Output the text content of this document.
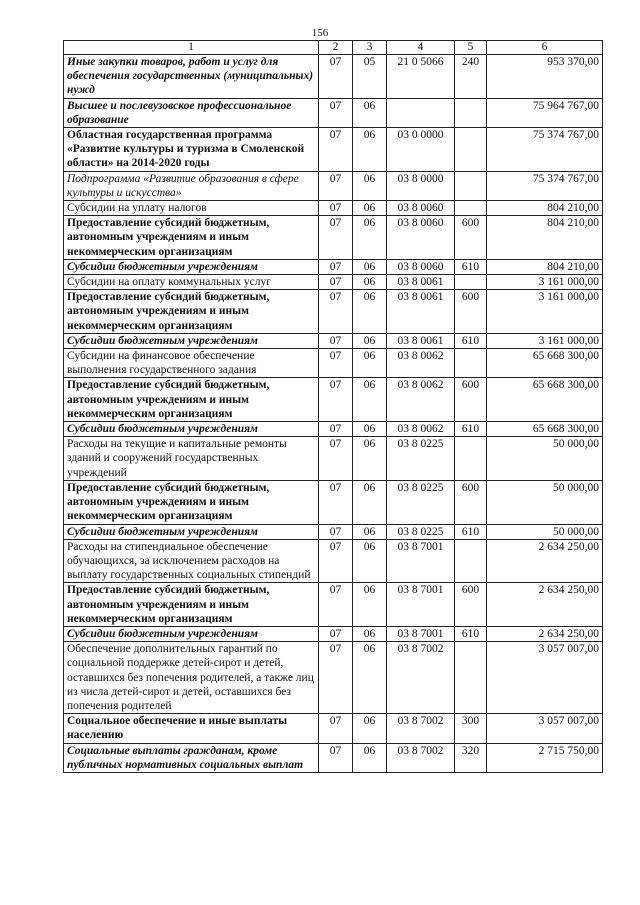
156
1	2	3	4	5	6
Иные закупки товаров, работ и услуг для обеспечения государственных (муниципальных) нужд	07	05	21 0 5066	240	953 370,00
Высшее и послевузовское профессиональное образование	07	06			75 964 767,00
Областная государственная программа «Развитие культуры и туризма в Смоленской области» на 2014-2020 годы	07	06	03 0 0000		75 374 767,00
Подпрограмма «Развитие образования в сфере культуры и искусства»	07	06	03 8 0000		75 374 767,00
Субсидии на уплату налогов	07	06	03 8 0060		804 210,00
Предоставление субсидий бюджетным, автономным учреждениям и иным некоммерческим организациям	07	06	03 8 0060	600	804 210,00
Субсидии бюджетным учреждениям	07	06	03 8 0060	610	804 210,00
Субсидии на оплату коммунальных услуг	07	06	03 8 0061		3 161 000,00
Предоставление субсидий бюджетным, автономным учреждениям и иным некоммерческим организациям	07	06	03 8 0061	600	3 161 000,00
Субсидии бюджетным учреждениям	07	06	03 8 0061	610	3 161 000,00
Субсидии на финансовое обеспечение выполнения государственного задания	07	06	03 8 0062		65 668 300,00
Предоставление субсидий бюджетным, автономным учреждениям и иным некоммерческим организациям	07	06	03 8 0062	600	65 668 300,00
Субсидии бюджетным учреждениям	07	06	03 8 0062	610	65 668 300,00
Расходы на текущие и капитальные ремонты зданий и сооружений государственных учреждений	07	06	03 8 0225		50 000,00
Предоставление субсидий бюджетным, автономным учреждениям и иным некоммерческим организациям	07	06	03 8 0225	600	50 000,00
Субсидии бюджетным учреждениям	07	06	03 8 0225	610	50 000,00
Расходы на стипендиальное обеспечение обучающихся, за исключением расходов на выплату государственных социальных стипендий	07	06	03 8 7001		2 634 250,00
Предоставление субсидий бюджетным, автономным учреждениям и иным некоммерческим организациям	07	06	03 8 7001	600	2 634 250,00
Субсидии бюджетным учреждениям	07	06	03 8 7001	610	2 634 250,00
Обеспечение дополнительных гарантий по социальной поддержке детей-сирот и детей, оставшихся без попечения родителей, а также лиц из числа детей-сирот и детей, оставшихся без попечения родителей	07	06	03 8 7002		3 057 007,00
Социальное обеспечение и иные выплаты населению	07	06	03 8 7002	300	3 057 007,00
Социальные выплаты гражданам, кроме публичных нормативных социальных выплат	07	06	03 8 7002	320	2 715 750,00
